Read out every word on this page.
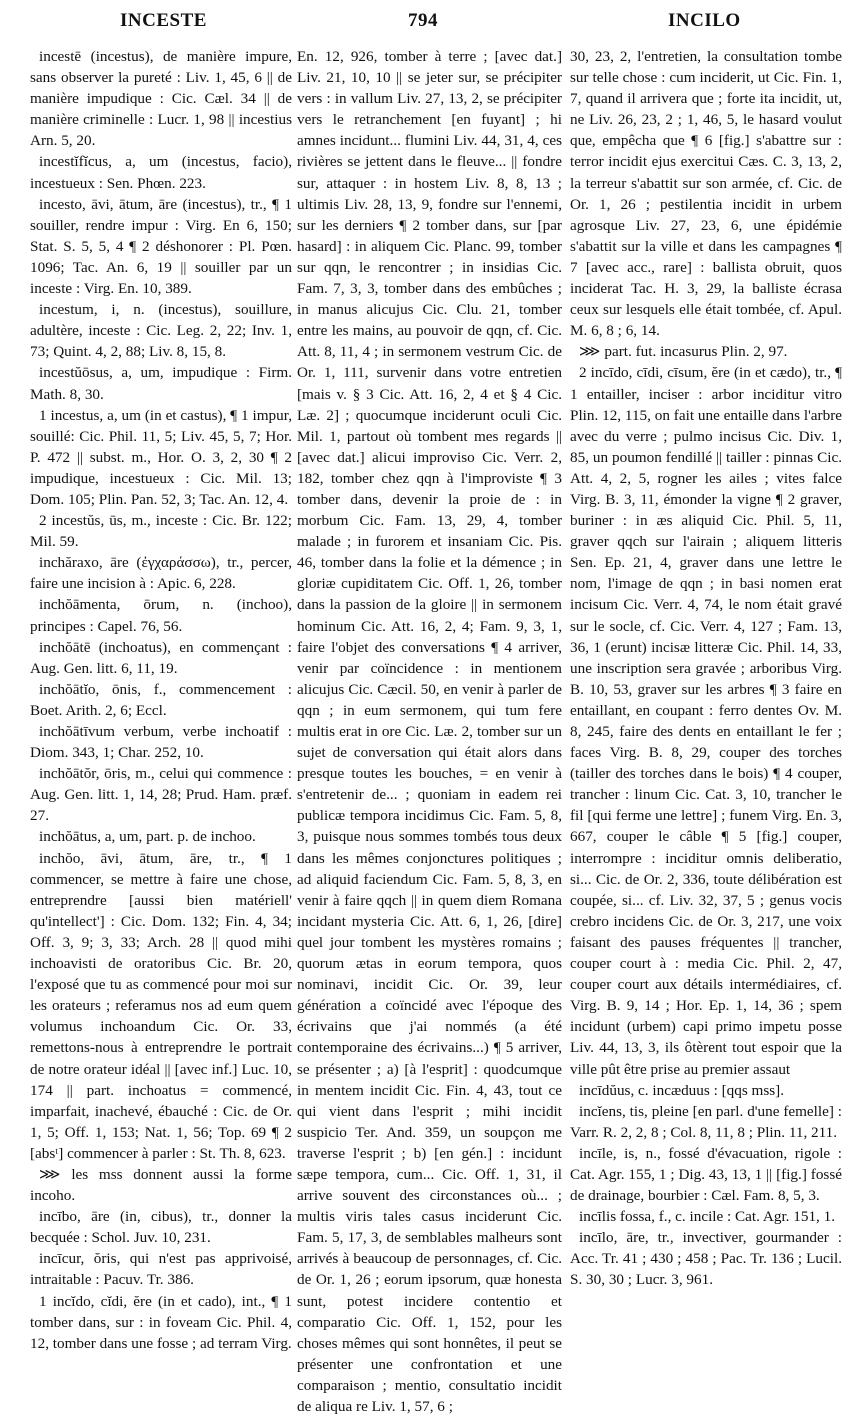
INCESTE	794	INCILO

incestē (incestus), de manière impure, sans observer la pureté : Liv. 1, 45, 6 || de manière impudique : Cic. Cæl. 34 || de manière criminelle : Lucr. 1, 98 || incestius Arn. 5, 20.

incestĭfĭcus, a, um (incestus, facio), incestueux : Sen. Phœn. 223.

incesto, āvi, ātum, āre (incestus), tr., ¶ 1 souiller, rendre impur : Virg. En 6, 150; Stat. S. 5, 5, 4 ¶ 2 déshonorer : Pl. Pœn. 1096; Tac. An. 6, 19 || souiller par un inceste : Virg. En. 10, 389.

incestum, i, n. (incestus), souillure, adultère, inceste : Cic. Leg. 2, 22; Inv. 1, 73; Quint. 4, 2, 88; Liv. 8, 15, 8.

incestŭōsus, a, um, impudique : Firm. Math. 8, 30.

1 incestus, a, um (in et castus), ¶ 1 impur, souillé: Cic. Phil. 11, 5; Liv. 45, 5, 7; Hor. P. 472 || subst. m., Hor. O. 3, 2, 30 ¶ 2 impudique, incestueux : Cic. Mil. 13; Dom. 105; Plin. Pan. 52, 3; Tac. An. 12, 4.

2 incestŭs, ūs, m., inceste : Cic. Br. 122; Mil. 59.

inchăraxo, āre (ἐγχαράσσω), tr., percer, faire une incision à : Apic. 6, 228.

inchŏāmenta, ōrum, n. (inchoo), principes : Capel. 76, 56.

inchŏātē (inchoatus), en commençant : Aug. Gen. litt. 6, 11, 19.

inchŏātĭo, ōnis, f., commencement : Boet. Arith. 2, 6; Eccl.

inchŏātīvum verbum, verbe inchoatif : Diom. 343, 1; Char. 252, 10.

inchŏātŏr, ōris, m., celui qui commence : Aug. Gen. litt. 1, 14, 28; Prud. Ham. præf. 27.

inchŏātus, a, um, part. p. de inchoo.

inchŏo, āvi, ātum, āre, tr., ¶ 1 commencer, se mettre à faire une chose, entreprendre [aussi bien matériell' qu'intellect'] : Cic. Dom. 132; Fin. 4, 34; Off. 3, 9; 3, 33; Arch. 28 || quod mihi inchoavisti de oratoribus Cic. Br. 20, l'exposé que tu as commencé pour moi sur les orateurs ; referamus nos ad eum quem volumus inchoandum Cic. Or. 33, remettons-nous à entreprendre le portrait de notre orateur idéal || [avec inf.] Luc. 10, 174 || part. inchoatus = commencé, imparfait, inachevé, ébauché : Cic. de Or. 1, 5; Off. 1, 153; Nat. 1, 56; Top. 69 ¶ 2 [absᵗ] commencer à parler : St. Th. 8, 623.

⋙ les mss donnent aussi la forme incoho.

incībo, āre (in, cibus), tr., donner la becquée : Schol. Juv. 10, 231.

incīcur, ŏris, qui n'est pas apprivoisé, intraitable : Pacuv. Tr. 386.

1 incĭdo, cĭdi, ĕre (in et cado), int., ¶ 1 tomber dans, sur : in foveam Cic. Phil. 4, 12, tomber dans une fosse ; ad terram Virg.

En. 12, 926, tomber à terre ; [avec dat.] Liv. 21, 10, 10 || se jeter sur, se précipiter vers : in vallum Liv. 27, 13, 2, se précipiter vers le retranchement [en fuyant] ; hi amnes incidunt... flumini Liv. 44, 31, 4, ces rivières se jettent dans le fleuve... || fondre sur, attaquer : in hostem Liv. 8, 8, 13 ; ultimis Liv. 28, 13, 9, fondre sur l'ennemi, sur les derniers ¶ 2 tomber dans, sur [par hasard] : in aliquem Cic. Planc. 99, tomber sur qqn, le rencontrer ; in insidias Cic. Fam. 7, 3, 3, tomber dans des embûches ; in manus alicujus Cic. Clu. 21, tomber entre les mains, au pouvoir de qqn, cf. Cic. Att. 8, 11, 4 ; in sermonem vestrum Cic. de Or. 1, 111, survenir dans votre entretien [mais v. § 3 Cic. Att. 16, 2, 4 et § 4 Cic. Læ. 2] ; quocumque inciderunt oculi Cic. Mil. 1, partout où tombent mes regards || [avec dat.] alicui improviso Cic. Verr. 2, 182, tomber chez qqn à l'improviste ¶ 3 tomber dans, devenir la proie de : in morbum Cic. Fam. 13, 29, 4, tomber malade ; in furorem et insaniam Cic. Pis. 46, tomber dans la folie et la démence ; in gloriæ cupiditatem Cic. Off. 1, 26, tomber dans la passion de la gloire || in sermonem hominum Cic. Att. 16, 2, 4; Fam. 9, 3, 1, faire l'objet des conversations ¶ 4 arriver, venir par coïncidence : in mentionem alicujus Cic. Cæcil. 50, en venir à parler de qqn ; in eum sermonem, qui tum fere multis erat in ore Cic. Læ. 2, tomber sur un sujet de conversation qui était alors dans presque toutes les bouches, = en venir à s'entretenir de... ; quoniam in eadem rei publicæ tempora incidimus Cic. Fam. 5, 8, 3, puisque nous sommes tombés tous deux dans les mêmes conjonctures politiques ; ad aliquid faciendum Cic. Fam. 5, 8, 3, en venir à faire qqch || in quem diem Romana incidant mysteria Cic. Att. 6, 1, 26, [dire] quel jour tombent les mystères romains ; quorum ætas in eorum tempora, quos nominavi, incidit Cic. Or. 39, leur génération a coïncidé avec l'époque des écrivains que j'ai nommés (a été contemporaine des écrivains...) ¶ 5 arriver, se présenter ; a) [à l'esprit] : quodcumque in mentem incidit Cic. Fin. 4, 43, tout ce qui vient dans l'esprit ; mihi incidit suspicio Ter. And. 359, un soupçon me traverse l'esprit ; b) [en gén.] : incidunt sæpe tempora, cum... Cic. Off. 1, 31, il arrive souvent des circonstances où... ; multis viris tales casus inciderunt Cic. Fam. 5, 17, 3, de semblables malheurs sont arrivés à beaucoup de personnages, cf. Cic. de Or. 1, 26 ; eorum ipsorum, quæ honesta sunt, potest incidere contentio et comparatio Cic. Off. 1, 152, pour les choses mêmes qui sont honnêtes, il peut se présenter une confrontation et une comparaison ; mentio, consultatio incidit de aliqua re Liv. 1, 57, 6 ;

30, 23, 2, l'entretien, la consultation tombe sur telle chose : cum inciderit, ut Cic. Fin. 1, 7, quand il arrivera que ; forte ita incidit, ut, ne Liv. 26, 23, 2 ; 1, 46, 5, le hasard voulut que, empêcha que ¶ 6 [fig.] s'abattre sur : terror incidit ejus exercitui Cæs. C. 3, 13, 2, la terreur s'abattit sur son armée, cf. Cic. de Or. 1, 26 ; pestilentia incidit in urbem agrosque Liv. 27, 23, 6, une épidémie s'abattit sur la ville et dans les campagnes ¶ 7 [avec acc., rare] : ballista obruit, quos inciderat Tac. H. 3, 29, la balliste écrasa ceux sur lesquels elle était tombée, cf. Apul. M. 6, 8 ; 6, 14.

⋙ part. fut. incasurus Plin. 2, 97.

2 incīdo, cīdi, cīsum, ĕre (in et cædo), tr., ¶ 1 entailler, inciser : arbor inciditur vitro Plin. 12, 115, on fait une entaille dans l'arbre avec du verre ; pulmo incisus Cic. Div. 1, 85, un poumon fendillé || tailler : pinnas Cic. Att. 4, 2, 5, rogner les ailes ; vites falce Virg. B. 3, 11, émonder la vigne ¶ 2 graver, buriner : in æs aliquid Cic. Phil. 5, 11, graver qqch sur l'airain ; aliquem litteris Sen. Ep. 21, 4, graver dans une lettre le nom, l'image de qqn ; in basi nomen erat incisum Cic. Verr. 4, 74, le nom était gravé sur le socle, cf. Cic. Verr. 4, 127 ; Fam. 13, 36, 1 (erunt) incisæ litteræ Cic. Phil. 14, 33, une inscription sera gravée ; arboribus Virg. B. 10, 53, graver sur les arbres ¶ 3 faire en entaillant, en coupant : ferro dentes Ov. M. 8, 245, faire des dents en entaillant le fer ; faces Virg. B. 8, 29, couper des torches (tailler des torches dans le bois) ¶ 4 couper, trancher : linum Cic. Cat. 3, 10, trancher le fil [qui ferme une lettre] ; funem Virg. En. 3, 667, couper le câble ¶ 5 [fig.] couper, interrompre : inciditur omnis deliberatio, si... Cic. de Or. 2, 336, toute délibération est coupée, si... cf. Liv. 32, 37, 5 ; genus vocis crebro incidens Cic. de Or. 3, 217, une voix faisant des pauses fréquentes || trancher, couper court à : media Cic. Phil. 2, 47, couper court aux détails intermédiaires, cf. Virg. B. 9, 14 ; Hor. Ep. 1, 14, 36 ; spem incidunt (urbem) capi primo impetu posse Liv. 44, 13, 3, ils ôtèrent tout espoir que la ville pût être prise au premier assaut

incīdŭus, c. incæduus : [qqs mss].

incĭens, tis, pleine [en parl. d'une femelle] : Varr. R. 2, 2, 8 ; Col. 8, 11, 8 ; Plin. 11, 211.

incīle, is, n., fossé d'évacuation, rigole : Cat. Agr. 155, 1 ; Dig. 43, 13, 1 || [fig.] fossé de drainage, bourbier : Cæl. Fam. 8, 5, 3.

incīlis fossa, f., c. incile : Cat. Agr. 151, 1.

incīlo, āre, tr., invectiver, gourmander : Acc. Tr. 41 ; 430 ; 458 ; Pac. Tr. 136 ; Lucil. S. 30, 30 ; Lucr. 3, 961.
